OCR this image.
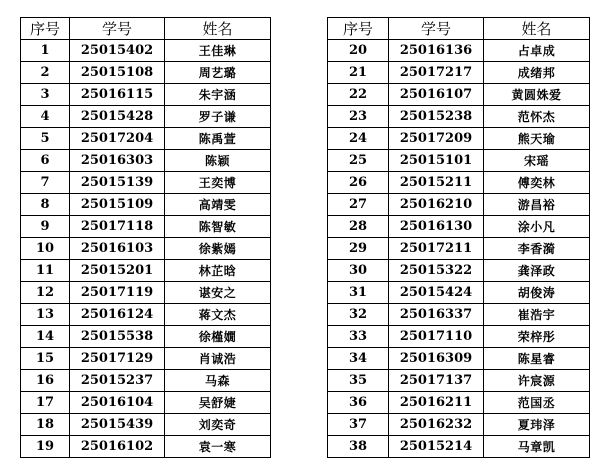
序号	学号	姓名		序号	学号	姓名
1	25015402	王佳琳		20	25016136	占卓成
2	25015108	周艺璐		21	25017217	成绪邦
3	25016115	朱宇涵		22	25016107	黄圆姝爱
4	25015428	罗子谦		23	25015238	范怀杰
5	25017204	陈禹萱		24	25017209	熊天瑜
6	25016303	陈颖		25	25015101	宋瑶
7	25015139	王奕博		26	25015211	傅奕林
8	25015109	高靖雯		27	25016210	游昌裕
9	25017118	陈智敏		28	25016130	涂小凡
10	25016103	徐紫嫣		29	25017211	李香漪
11	25015201	林芷晗		30	25015322	龚泽政
12	25017119	谌安之		31	25015424	胡俊涛
13	25016124	蒋文杰		32	25016337	崔浩宇
14	25015538	徐槿嫺		33	25017110	荣梓彤
15	25017129	肖诚浩		34	25016309	陈星睿
16	25015237	马森		35	25017137	许宸源
17	25016104	吴舒婕		36	25016211	范国丞
18	25015439	刘奕奇		37	25016232	夏玮泽
19	25016102	袁一寒		38	25015214	马章凯
